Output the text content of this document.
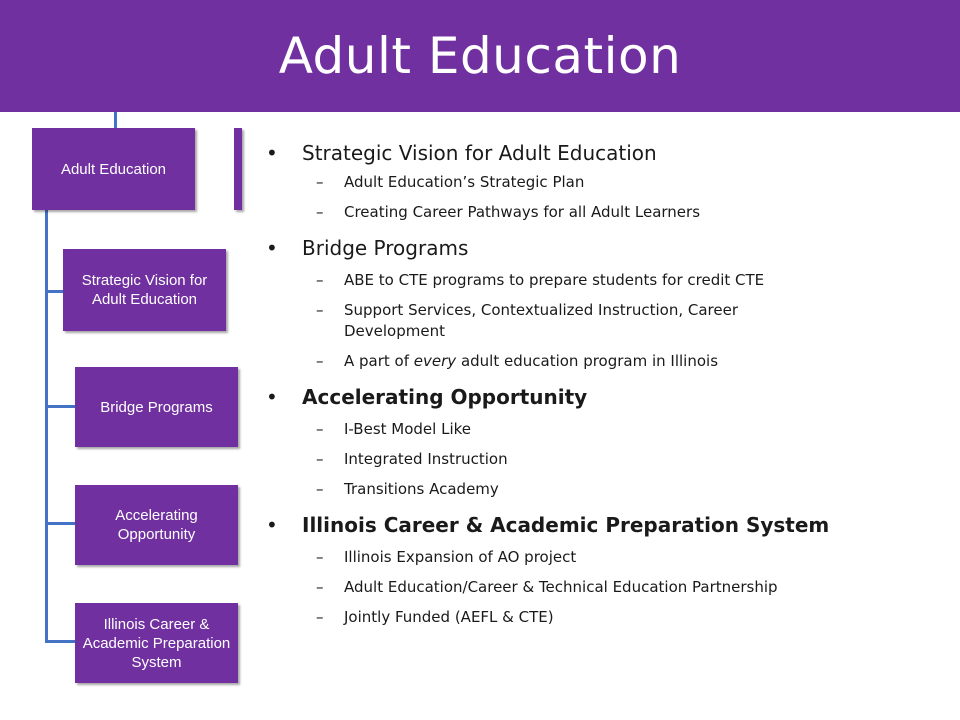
Adult Education
Adult Education
Strategic Vision for Adult Education
Bridge Programs
Accelerating Opportunity
Illinois Career & Academic Preparation System
• Strategic Vision for Adult Education
– Adult Education’s Strategic Plan
– Creating Career Pathways for all Adult Learners
• Bridge Programs
– ABE to CTE programs to prepare students for credit CTE
– Support Services, Contextualized Instruction, Career Development
– A part of every adult education program in Illinois
• Accelerating Opportunity
– I-Best Model Like
– Integrated Instruction
– Transitions Academy
• Illinois Career & Academic Preparation System
– Illinois Expansion of AO project
– Adult Education/Career & Technical Education Partnership
– Jointly Funded (AEFL & CTE)
